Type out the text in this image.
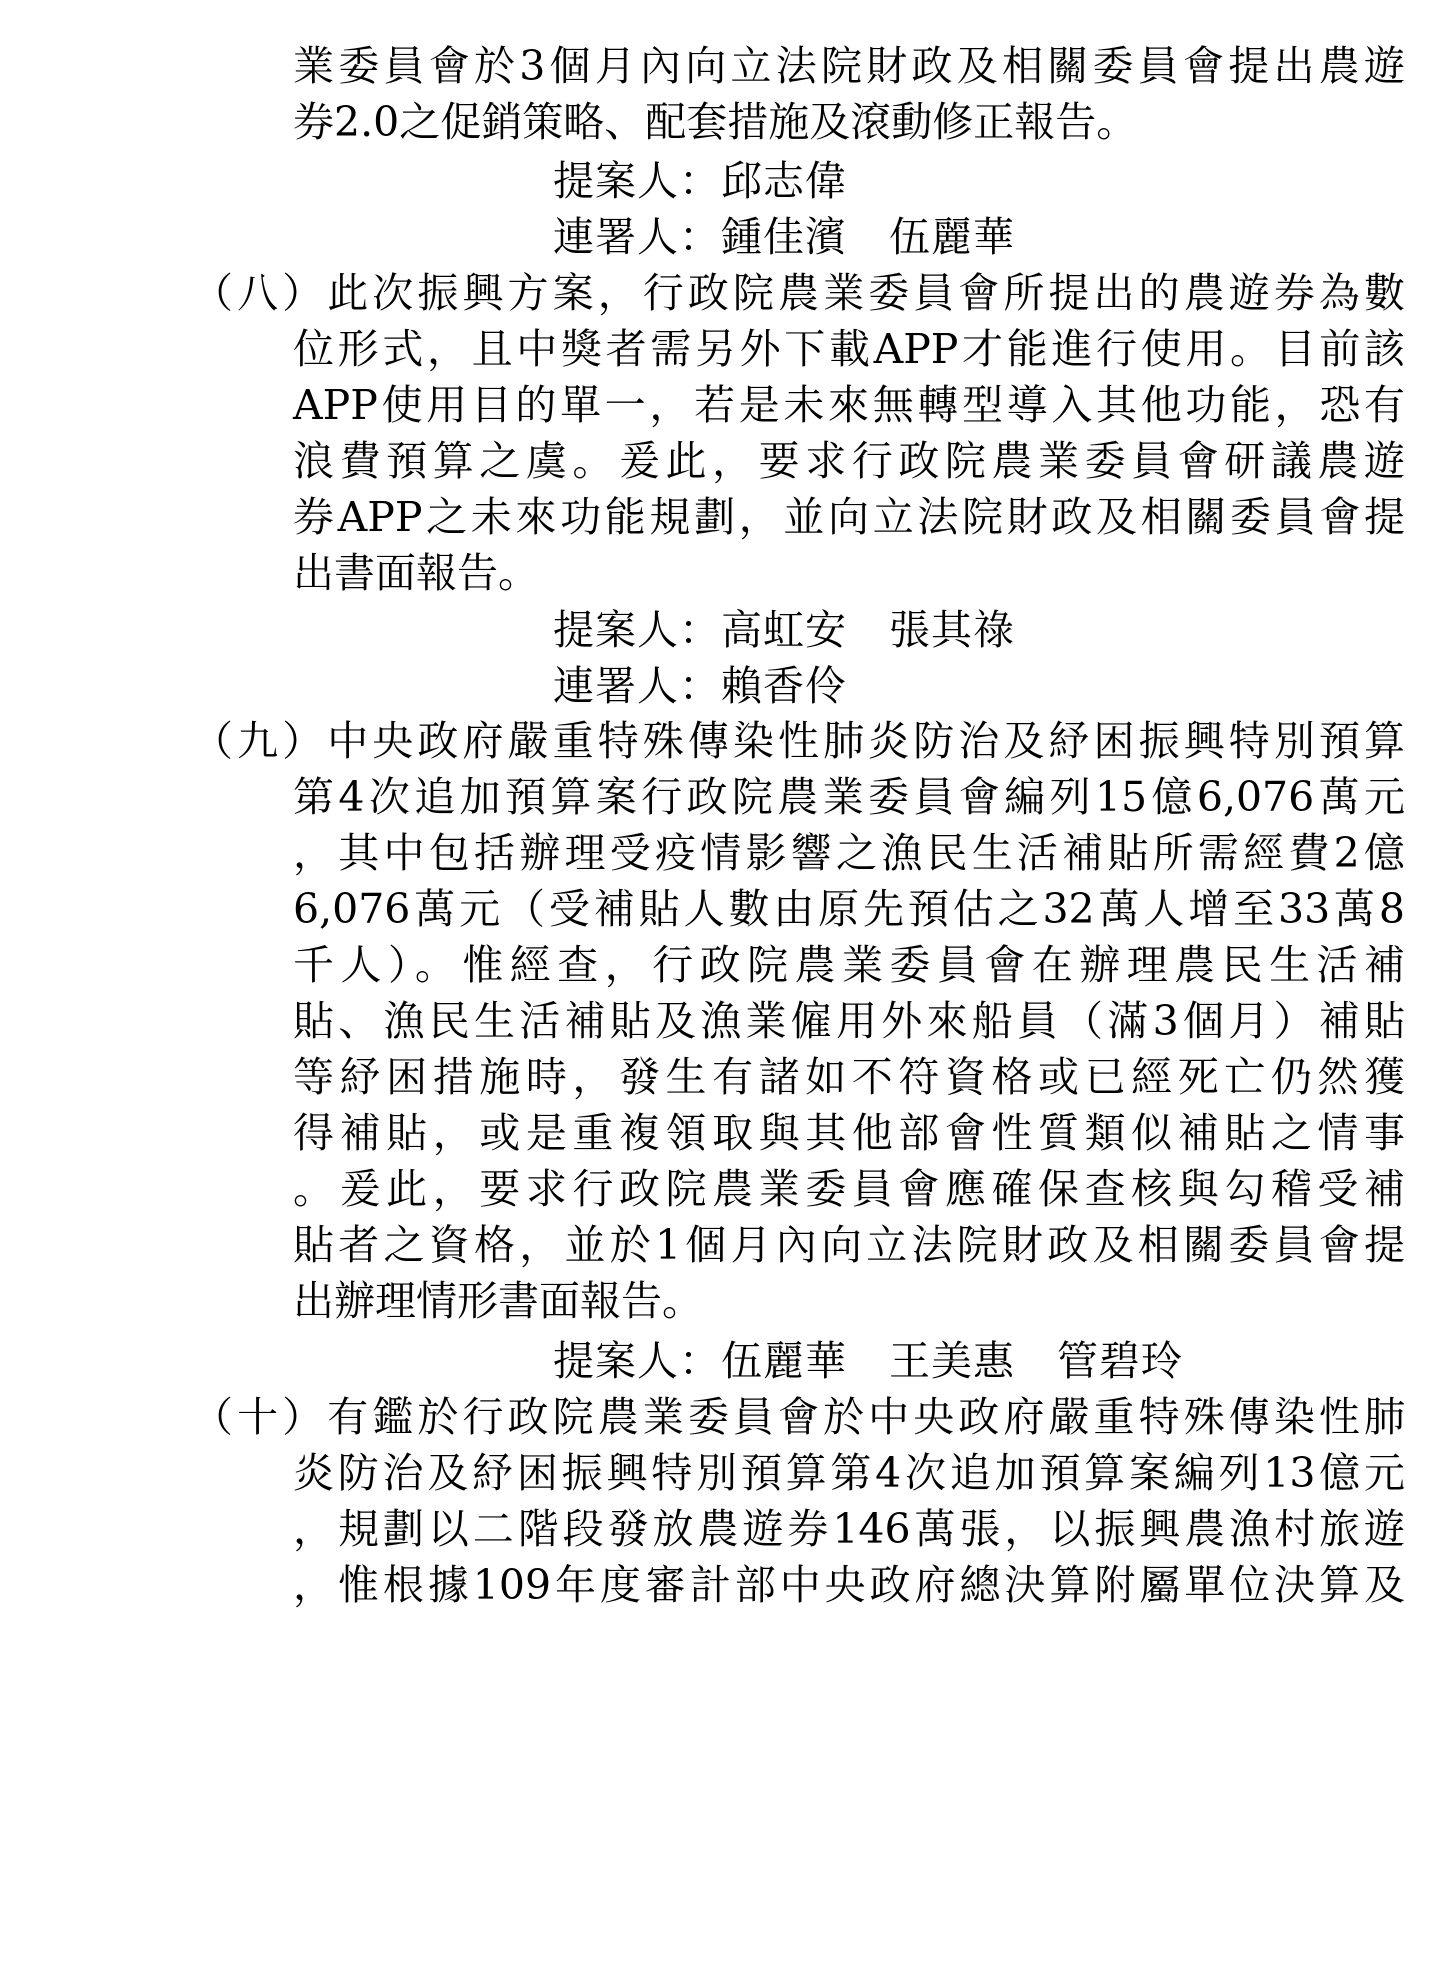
業委員會於3個月內向立法院財政及相關委員會提出農遊
券2.0之促銷策略、配套措施及滾動修正報告。
提案人：邱志偉
連署人：鍾佳濱　伍麗華
（八）此次振興方案，行政院農業委員會所提出的農遊券為數
位形式，且中獎者需另外下載APP才能進行使用。目前該
APP使用目的單一，若是未來無轉型導入其他功能，恐有
浪費預算之虞。爰此，要求行政院農業委員會研議農遊
券APP之未來功能規劃，並向立法院財政及相關委員會提
出書面報告。
提案人：高虹安　張其祿
連署人：賴香伶
（九）中央政府嚴重特殊傳染性肺炎防治及紓困振興特別預算
第4次追加預算案行政院農業委員會編列15億6,076萬元
，其中包括辦理受疫情影響之漁民生活補貼所需經費2億
6,076萬元（受補貼人數由原先預估之32萬人增至33萬8
千人）。惟經查，行政院農業委員會在辦理農民生活補
貼、漁民生活補貼及漁業僱用外來船員（滿3個月）補貼
等紓困措施時，發生有諸如不符資格或已經死亡仍然獲
得補貼，或是重複領取與其他部會性質類似補貼之情事
。爰此，要求行政院農業委員會應確保查核與勾稽受補
貼者之資格，並於1個月內向立法院財政及相關委員會提
出辦理情形書面報告。
提案人：伍麗華　王美惠　管碧玲
（十）有鑑於行政院農業委員會於中央政府嚴重特殊傳染性肺
炎防治及紓困振興特別預算第4次追加預算案編列13億元
，規劃以二階段發放農遊券146萬張，以振興農漁村旅遊
，惟根據109年度審計部中央政府總決算附屬單位決算及
